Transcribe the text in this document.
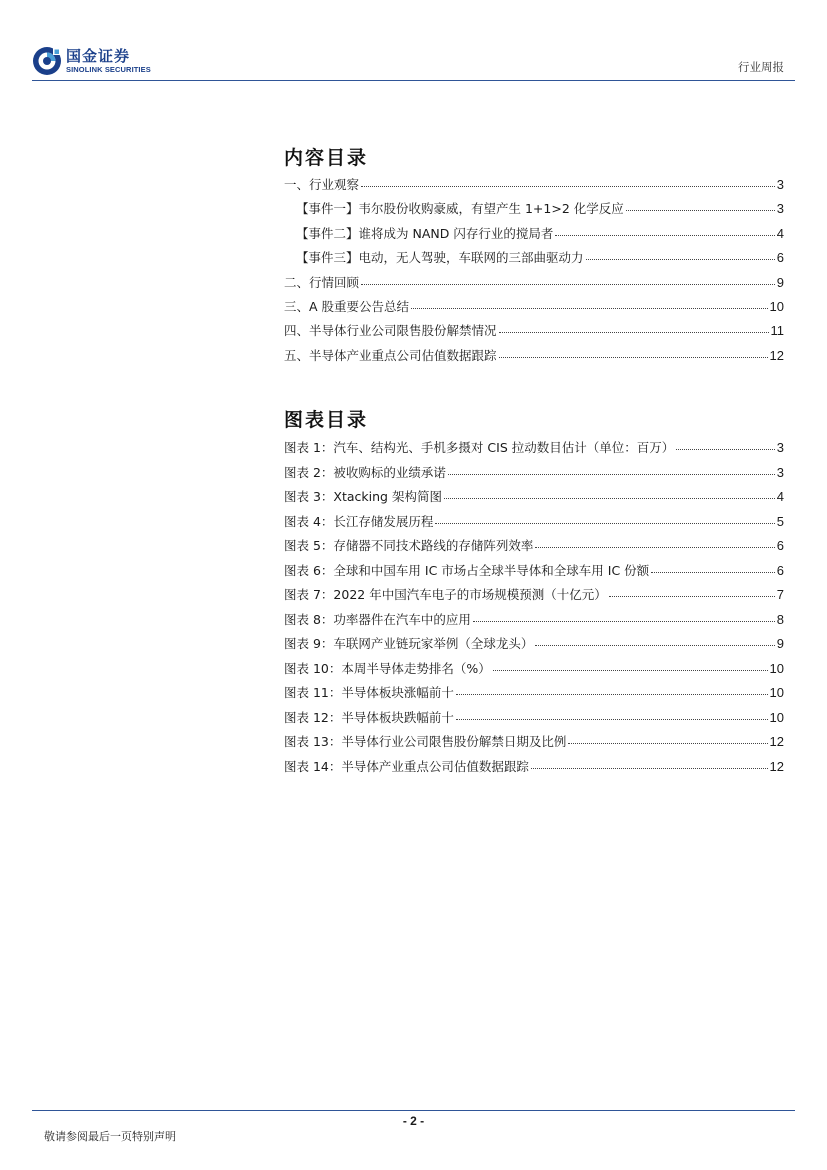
国金证券
SINOLINK SECURITIES	行业周报
内容目录
一、行业观察	3
【事件一】韦尔股份收购豪威，有望产生 1+1>2 化学反应	3
【事件二】谁将成为 NAND 闪存行业的搅局者	4
【事件三】电动，无人驾驶，车联网的三部曲驱动力	6
二、行情回顾	9
三、A 股重要公告总结	10
四、半导体行业公司限售股份解禁情况	11
五、半导体产业重点公司估值数据跟踪	12
图表目录
图表 1：汽车、结构光、手机多摄对 CIS 拉动数目估计（单位：百万）	3
图表 2：被收购标的业绩承诺	3
图表 3：Xtacking 架构简图	4
图表 4：长江存储发展历程	5
图表 5：存储器不同技术路线的存储阵列效率	6
图表 6：全球和中国车用 IC 市场占全球半导体和全球车用 IC 份额	6
图表 7：2022 年中国汽车电子的市场规模预测（十亿元）	7
图表 8：功率器件在汽车中的应用	8
图表 9：车联网产业链玩家举例（全球龙头）	9
图表 10：本周半导体走势排名（%）	10
图表 11：半导体板块涨幅前十	10
图表 12：半导体板块跌幅前十	10
图表 13：半导体行业公司限售股份解禁日期及比例	12
图表 14：半导体产业重点公司估值数据跟踪	12
- 2 -
敬请参阅最后一页特别声明
